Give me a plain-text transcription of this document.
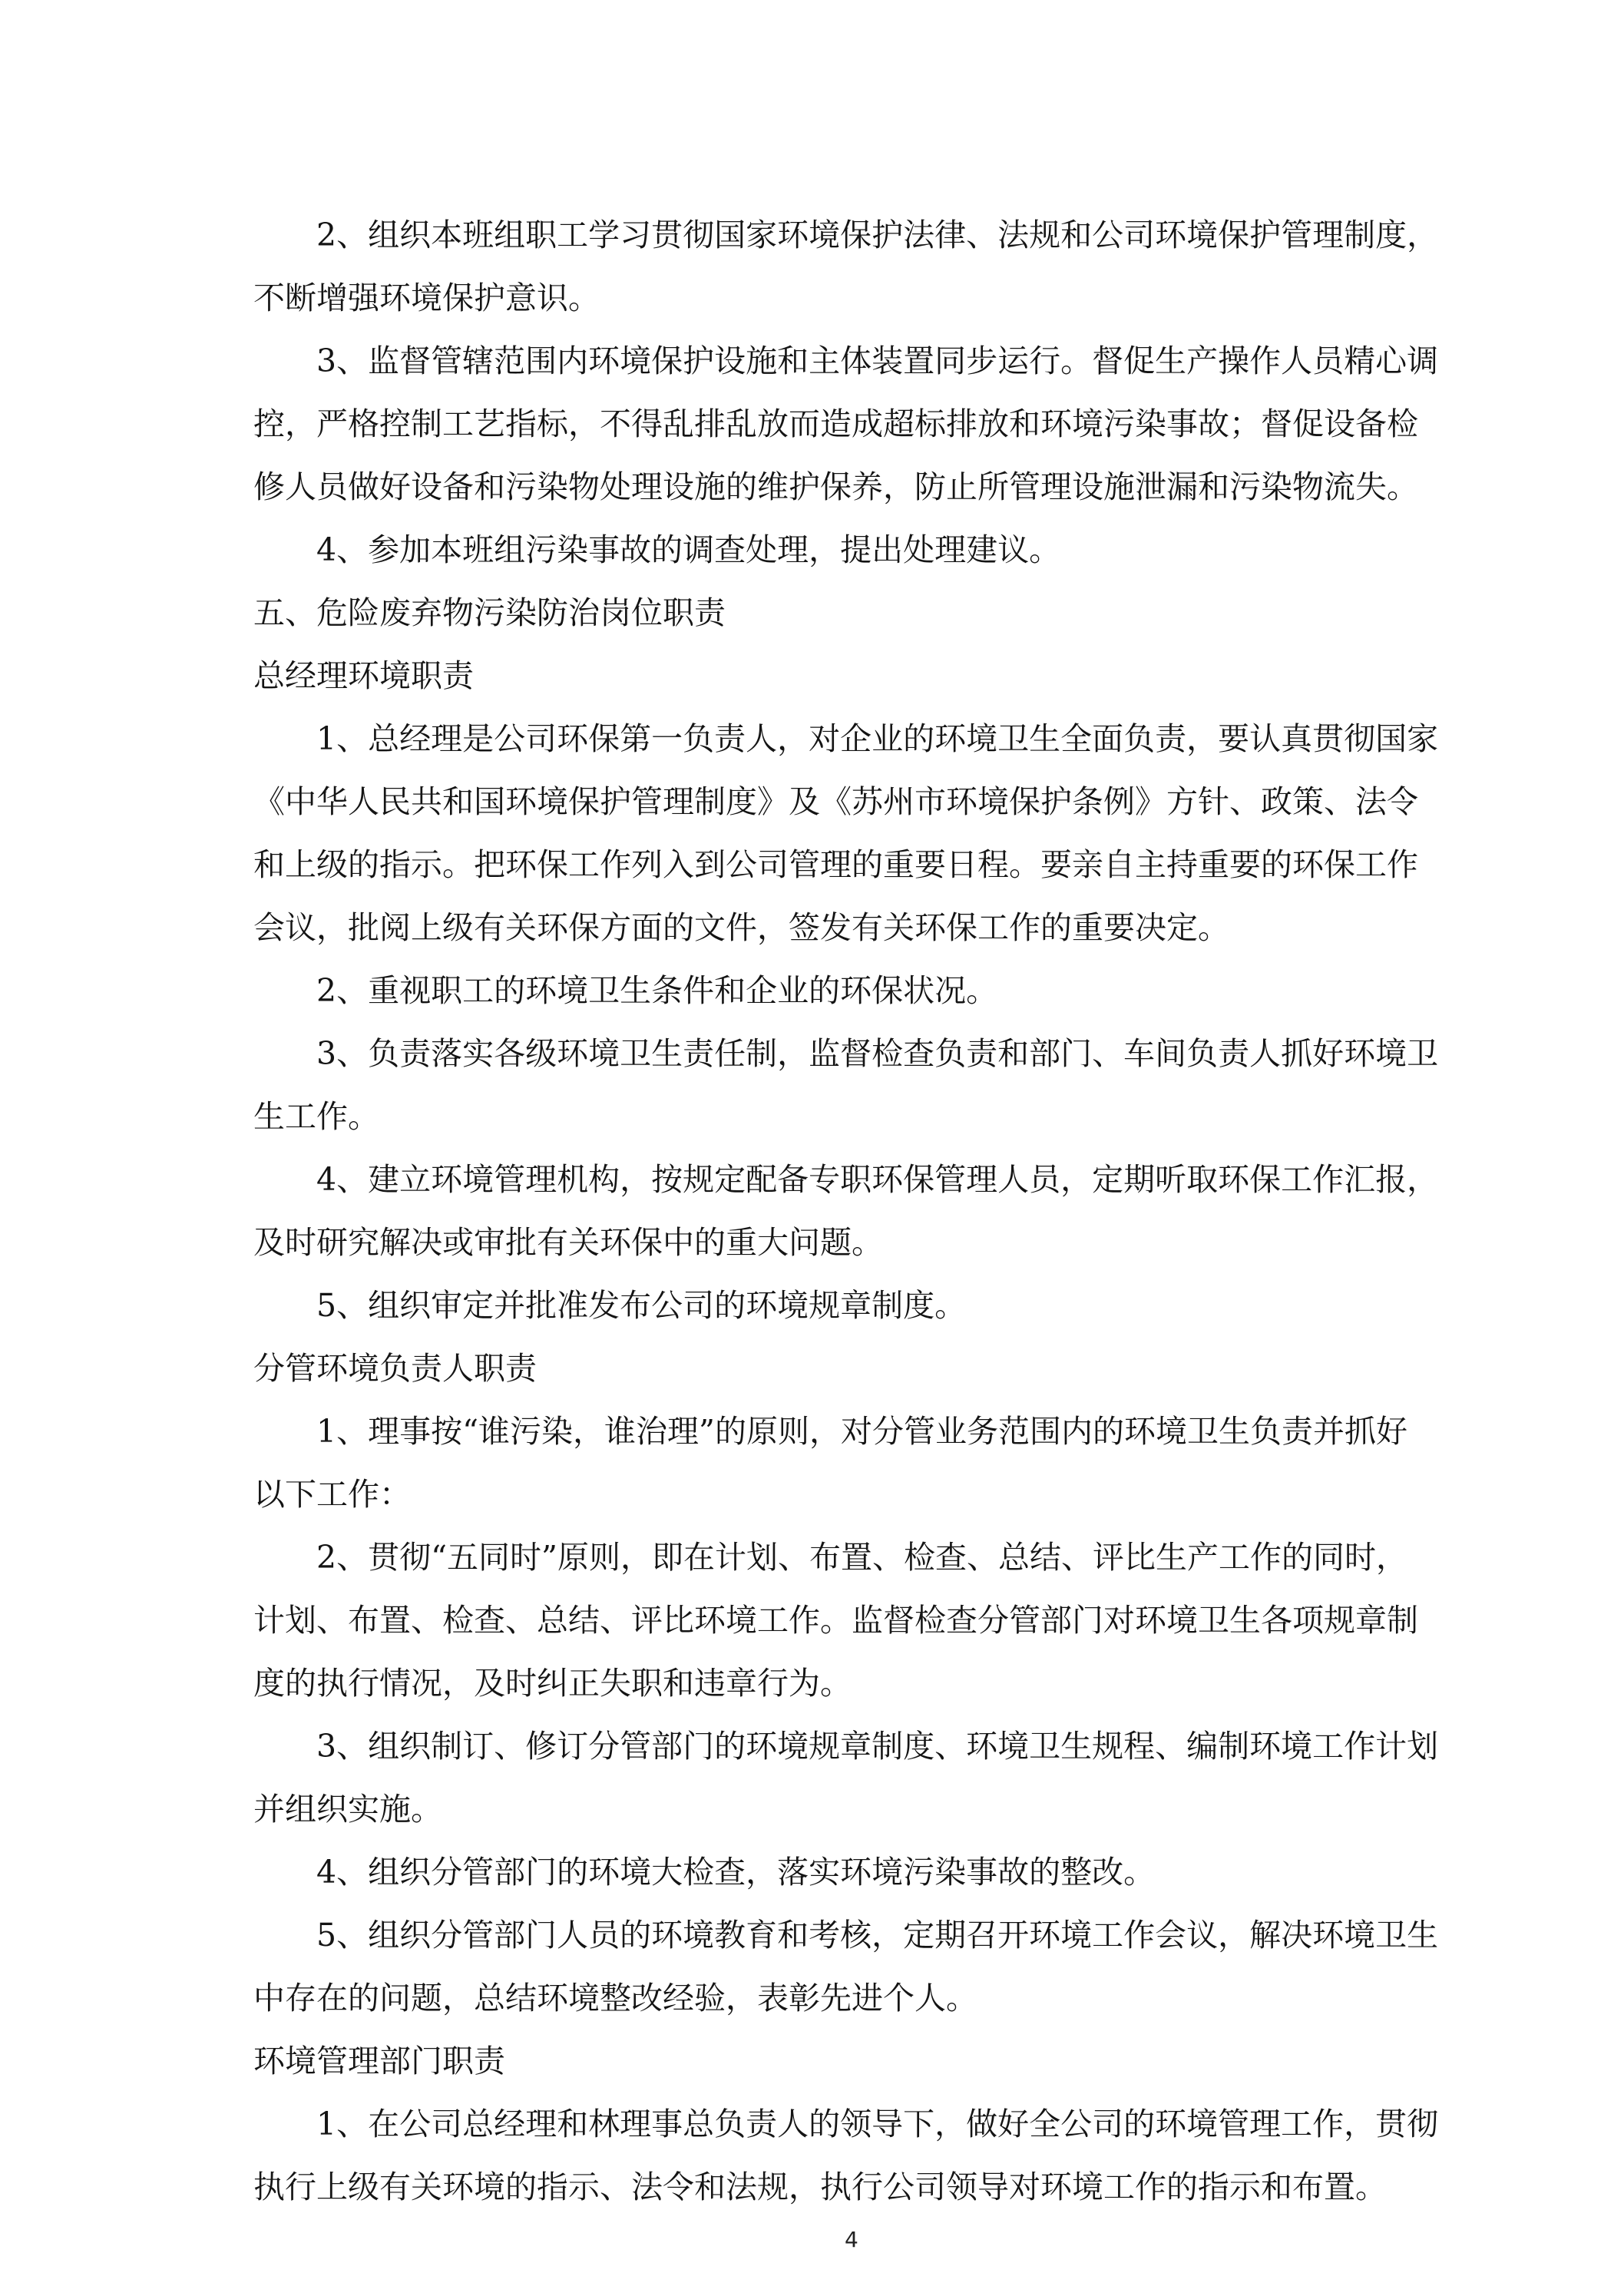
2、组织本班组职工学习贯彻国家环境保护法律、法规和公司环境保护管理制度，
不断增强环境保护意识。
3、监督管辖范围内环境保护设施和主体装置同步运行。督促生产操作人员精心调
控，严格控制工艺指标，不得乱排乱放而造成超标排放和环境污染事故；督促设备检
修人员做好设备和污染物处理设施的维护保养，防止所管理设施泄漏和污染物流失。
4、参加本班组污染事故的调查处理，提出处理建议。
五、危险废弃物污染防治岗位职责
总经理环境职责
1、总经理是公司环保第一负责人，对企业的环境卫生全面负责，要认真贯彻国家
《中华人民共和国环境保护管理制度》及《苏州市环境保护条例》方针、政策、法令
和上级的指示。把环保工作列入到公司管理的重要日程。要亲自主持重要的环保工作
会议，批阅上级有关环保方面的文件，签发有关环保工作的重要决定。
2、重视职工的环境卫生条件和企业的环保状况。
3、负责落实各级环境卫生责任制，监督检查负责和部门、车间负责人抓好环境卫
生工作。
4、建立环境管理机构，按规定配备专职环保管理人员，定期听取环保工作汇报，
及时研究解决或审批有关环保中的重大问题。
5、组织审定并批准发布公司的环境规章制度。
分管环境负责人职责
1、理事按“谁污染，谁治理”的原则，对分管业务范围内的环境卫生负责并抓好
以下工作：
2、贯彻“五同时”原则，即在计划、布置、检查、总结、评比生产工作的同时，
计划、布置、检查、总结、评比环境工作。监督检查分管部门对环境卫生各项规章制
度的执行情况，及时纠正失职和违章行为。
3、组织制订、修订分管部门的环境规章制度、环境卫生规程、编制环境工作计划
并组织实施。
4、组织分管部门的环境大检查，落实环境污染事故的整改。
5、组织分管部门人员的环境教育和考核，定期召开环境工作会议，解决环境卫生
中存在的问题，总结环境整改经验，表彰先进个人。
环境管理部门职责
1、在公司总经理和林理事总负责人的领导下，做好全公司的环境管理工作，贯彻
执行上级有关环境的指示、法令和法规，执行公司领导对环境工作的指示和布置。
4
